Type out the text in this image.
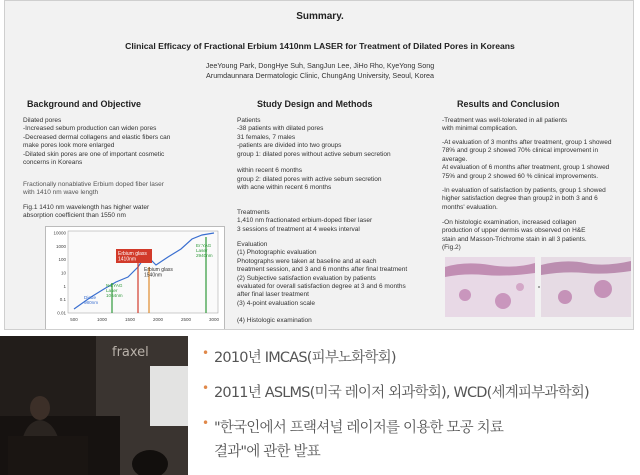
Summary.
Clinical Efficacy of Fractional Erbium 1410nm LASER for Treatment of Dilated Pores in Koreans
JeeYoung Park, DongHye Suh, SangJun Lee, JiHo Rho, KyeYong Song
Arumdaunnara Dermatologic Clinic, ChungAng University, Seoul, Korea
Background and Objective
Dilated pores
-Increased sebum production can widen pores
-Decreased dermal collagens and elastic fibers can
make pores look more enlarged
-Dilated skin pores are one of important cosmetic
concerns in Koreans
Fractionally nonablative Erbium doped fiber laser
with 1410 nm wave length
Fig.1 1410 nm wavelength has higher water
absorption coefficient than 1550 nm
10000
1000
100
10
1
0.1
0.01
500	1000	1500	2000	2500	3000
Erbium glass 1410nm
Erbium glass 1540nm
Nd:YAG Laser 1064nm
Er:YAG Laser 2940nm
Diode 980nm
Study Design and Methods
Patients
-38 patients with dilated pores
31 females, 7 males
-patients are divided into two groups
group 1: dilated pores without active sebum secretion

within recent 6 months
group 2: dilated pores with active sebum secretion
with acne within recent 6 months
Treatments
1,410 nm fractionated erbium-doped fiber laser
3 sessions of treatment at 4 weeks interval
Evaluation
(1) Photographic evaluation
Photographs were taken at baseline and at each
treatment session, and 3 and 6 months after final treatment
(2) Subjective satisfaction evaluation by patients
evaluated for overall satisfaction degree at 3 and 6 months
after final laser treatment
(3) 4-point evaluation scale

(4) Histologic examination
Results and Conclusion
-Treatment was well-tolerated in all patients
with minimal complication.
-At evaluation of 3 months after treatment, group 1 showed
78% and group 2 showed 70% clinical improvement in
average.
At evaluation of 6 months after treatment, group 1 showed
75% and group 2 showed 60 % clinical improvements.
-In evaluation of satisfaction by patients, group 1 showed
higher satisfaction degree than group2 in both 3 and 6
months' evaluation.
-On histologic examination, increased collagen
production of upper dermis was observed on H&E
stain and Masson-Trichrome stain in all 3 patients.
(Fig.2)
fraxel	• 2010년 IMCAS(피부노화학회)
• 2011년 ASLMS(미국 레이저 외과학회), WCD(세계피부과학회)
• "한국인에서 프랙셔널 레이저를 이용한 모공 치료
결과"에 관한 발표
